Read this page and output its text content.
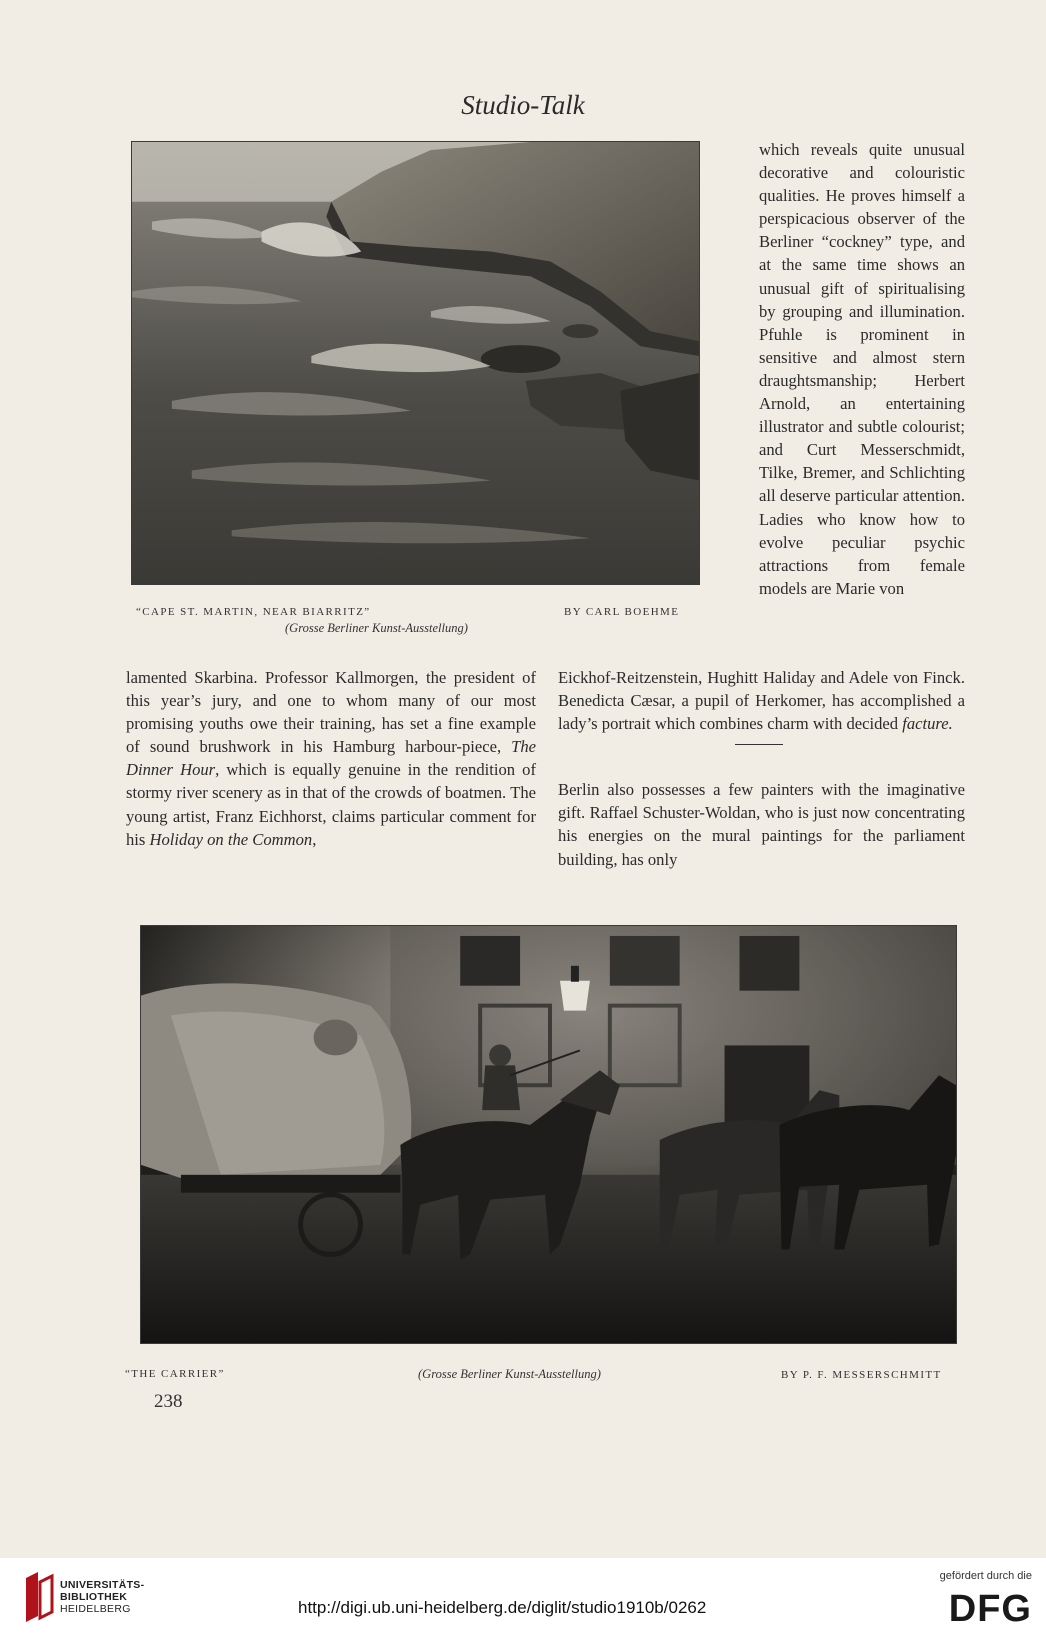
Studio-Talk
“CAPE ST. MARTIN, NEAR BIARRITZ”
(Grosse Berliner Kunst-Ausstellung)
BY CARL BOEHME
which reveals quite unusual decorative and colouristic qualities. He proves himself a perspicacious observer of the Berliner “cockney” type, and at the same time shows an unusual gift of spiritualising by grouping and illumination. Pfuhle is prominent in sensitive and almost stern draughtsmanship; Herbert Arnold, an entertaining illustrator and subtle colourist; and Curt Messerschmidt, Tilke, Bremer, and Schlichting all deserve particular attention. Ladies who know how to evolve peculiar psychic attractions from female models are Marie von
lamented Skarbina. Professor Kallmorgen, the president of this year’s jury, and one to whom many of our most promising youths owe their training, has set a fine example of sound brushwork in his Hamburg harbour-piece, The Dinner Hour, which is equally genuine in the rendition of stormy river scenery as in that of the crowds of boatmen. The young artist, Franz Eichhorst, claims particular comment for his Holiday on the Common,
Eickhof-Reitzenstein, Hughitt Haliday and Adele von Finck. Benedicta Cæsar, a pupil of Herkomer, has accomplished a lady’s portrait which combines charm with decided facture.
Berlin also possesses a few painters with the imaginative gift. Raffael Schuster-Woldan, who is just now concentrating his energies on the mural paintings for the parliament building, has only
“THE CARRIER”	(Grosse Berliner Kunst-Ausstellung)	BY P. F. MESSERSCHMITT
238
UNIVERSITÄTS-
BIBLIOTHEK
HEIDELBERG	http://digi.ub.uni-heidelberg.de/diglit/studio1910b/0262
gefördert durch die
DFG
